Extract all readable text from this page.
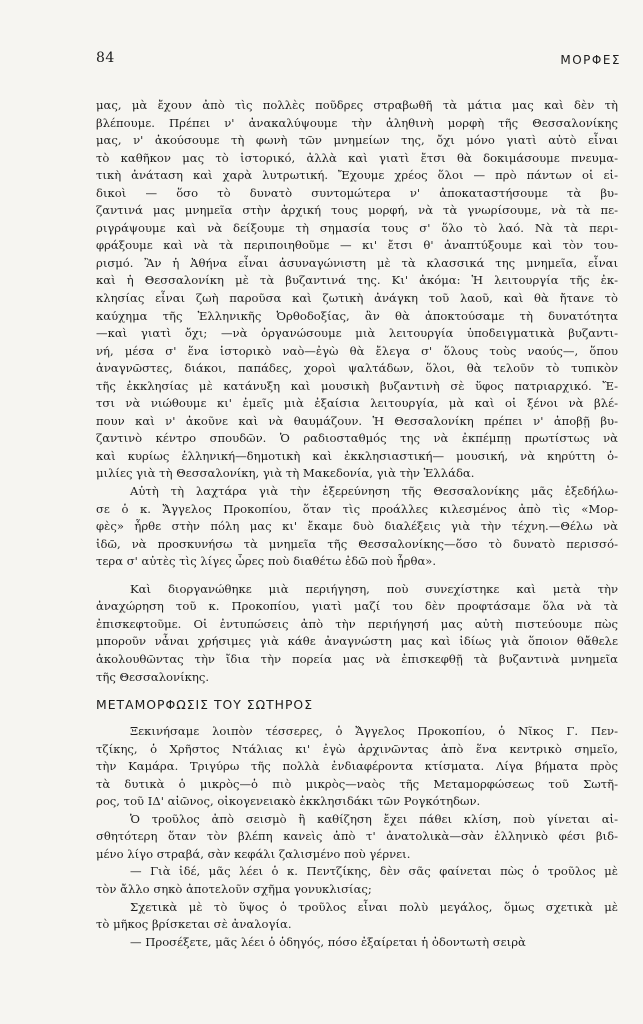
84	ΜΟΡΦΕΣ
μας, μὰ ἔχουν ἀπὸ τὶς πολλὲς ποῦδρες στραβωθῆ τὰ μάτια μας καὶ δὲν τὴ
βλέπουμε. Πρέπει ν' ἀνακαλύψουμε τὴν ἀληθινὴ μορφὴ τῆς Θεσσαλονίκης
μας, ν' ἀκούσουμε τὴ φωνὴ τῶν μνημείων της, ὄχι μόνο γιατὶ αὐτὸ εἶναι
τὸ καθῆκον μας τὸ ἱστορικό, ἀλλὰ καὶ γιατὶ ἔτσι θὰ δοκιμάσουμε πνευμα-
τικὴ ἀνάταση καὶ χαρὰ λυτρωτική. Ἔχουμε χρέος ὅλοι — πρὸ πάντων οἱ εἰ-
δικοὶ — ὅσο τὸ δυνατὸ συντομώτερα ν' ἀποκαταστήσουμε τὰ βυ-
ζαντινά μας μνημεῖα στὴν ἀρχική τους μορφή, νὰ τὰ γνωρίσουμε, νὰ τὰ πε-
ριγράψουμε καὶ νὰ δείξουμε τὴ σημασία τους σ' ὅλο τὸ λαό. Νὰ τὰ περι-
φράξουμε καὶ νὰ τὰ περιποιηθοῦμε — κι' ἔτσι θ' ἀναπτύξουμε καὶ τὸν του-
ρισμό. Ἂν ἡ Ἀθήνα εἶναι ἀσυναγώνιστη μὲ τὰ κλασσικά της μνημεῖα, εἶναι
καὶ ἡ Θεσσαλονίκη μὲ τὰ βυζαντινά της. Κι' ἀκόμα: Ἡ λειτουργία τῆς ἐκ-
κλησίας εἶναι ζωὴ παροῦσα καὶ ζωτικὴ ἀνάγκη τοῦ λαοῦ, καὶ θὰ ἤτανε τὸ
καύχημα τῆς Ἑλληνικῆς Ὀρθοδοξίας, ἂν θὰ ἀποκτούσαμε τὴ δυνατότητα
—καὶ γιατὶ ὄχι; —νὰ ὀργανώσουμε μιὰ λειτουργία ὑποδειγματικὰ βυζαντι-
νή, μέσα σ' ἕνα ἱστορικὸ ναὸ—ἐγὼ θὰ ἔλεγα σ' ὅλους τοὺς ναούς—, ὅπου
ἀναγνῶστες, διάκοι, παπάδες, χοροὶ ψαλτάδων, ὅλοι, θὰ τελοῦν τὸ τυπικὸν
τῆς ἐκκλησίας μὲ κατάνυξη καὶ μουσικὴ βυζαντινὴ σὲ ὕφος πατριαρχικό. Ἔ-
τσι νὰ νιώθουμε κι' ἐμεῖς μιὰ ἐξαίσια λειτουργία, μὰ καὶ οἱ ξένοι νὰ βλέ-
πουν καὶ ν' ἀκοῦνε καὶ νὰ θαυμάζουν. Ἡ Θεσσαλονίκη πρέπει ν' ἀποβῇ βυ-
ζαντινὸ κέντρο σπουδῶν. Ὁ ραδιοσταθμός της νὰ ἐκπέμπῃ πρωτίστως νὰ
καὶ κυρίως ἑλληνική—δημοτικὴ καὶ ἐκκλησιαστική— μουσική, νὰ κηρύττη ὁ-
μιλίες γιὰ τὴ Θεσσαλονίκη, γιὰ τὴ Μακεδονία, γιὰ τὴν Ἑλλάδα.
Αὐτὴ τὴ λαχτάρα γιὰ τὴν ἐξερεύνηση τῆς Θεσσαλονίκης μᾶς ἐξεδήλω-
σε ὁ κ. Ἄγγελος Προκοπίου, ὅταν τὶς προάλλες κιλεσμένος ἀπὸ τὶς «Μορ-
φὲς» ἦρθε στὴν πόλη μας κι' ἔκαμε δυὸ διαλέξεις γιὰ τὴν τέχνη.—Θέλω νὰ
ἰδῶ, νὰ προσκυνήσω τὰ μνημεῖα τῆς Θεσσαλονίκης—ὅσο τὸ δυνατὸ περισσό-
τερα σ' αὐτὲς τὶς λίγες ὧρες ποὺ διαθέτω ἐδῶ ποὺ ἦρθα».
Καὶ διοργανώθηκε μιὰ περιήγηση, ποὺ συνεχίστηκε καὶ μετὰ τὴν
ἀναχώρηση τοῦ κ. Προκοπίου, γιατὶ μαζί του δὲν προφτάσαμε ὅλα νὰ τὰ
ἐπισκεφτοῦμε. Οἱ ἐντυπώσεις ἀπὸ τὴν περιήγησή μας αὐτὴ πιστεύουμε πὼς
μποροῦν νἆναι χρήσιμες γιὰ κάθε ἀναγνώστη μας καὶ ἰδίως γιὰ ὅποιον θἄθελε
ἀκολουθῶντας τὴν ἴδια τὴν πορεία μας νὰ ἐπισκεφθῇ τὰ βυζαντινὰ μνημεῖα
τῆς Θεσσαλονίκης.
ΜΕΤΑΜΟΡΦΩΣΙΣ ΤΟΥ ΣΩΤΗΡΟΣ
Ξεκινήσαμε λοιπὸν τέσσερες, ὁ Ἄγγελος Προκοπίου, ὁ Νῖκος Γ. Πεν-
τζίκης, ὁ Χρῆστος Ντάλιας κι' ἐγὼ ἀρχινῶντας ἀπὸ ἕνα κεντρικὸ σημεῖο,
τὴν Καμάρα. Τριγύρω τῆς πολλὰ ἐνδιαφέροντα κτίσματα. Λίγα βήματα πρὸς
τὰ δυτικὰ ὁ μικρὸς—ὁ πιὸ μικρὸς—ναὸς τῆς Μεταμορφώσεως τοῦ Σωτῆ-
ρος, τοῦ ΙΔ' αἰῶνος, οἰκογενειακὸ ἐκκλησιδάκι τῶν Ρογκότηδων.
Ὁ τροῦλος ἀπὸ σεισμὸ ἢ καθίζηση ἔχει πάθει κλίση, ποὺ γίνεται αἰ-
σθητότερη ὅταν τὸν βλέπη κανεὶς ἀπὸ τ' ἀνατολικὰ—σὰν ἑλληνικὸ φέσι βιδ-
μένο λίγο στραβά, σὰν κεφάλι ζαλισμένο ποὺ γέρνει.
— Γιὰ ἰδέ, μᾶς λέει ὁ κ. Πεντζίκης, δὲν σᾶς φαίνεται πὼς ὁ τροῦλος μὲ
τὸν ἄλλο σηκὸ ἀποτελοῦν σχῆμα γονυκλισίας;
Σχετικὰ μὲ τὸ ὕψος ὁ τροῦλος εἶναι πολὺ μεγάλος, ὅμως σχετικὰ μὲ
τὸ μῆκος βρίσκεται σὲ ἀναλογία.
— Προσέξετε, μᾶς λέει ὁ ὁδηγός, πόσο ἐξαίρεται ἡ ὀδοντωτὴ σειρὰ
